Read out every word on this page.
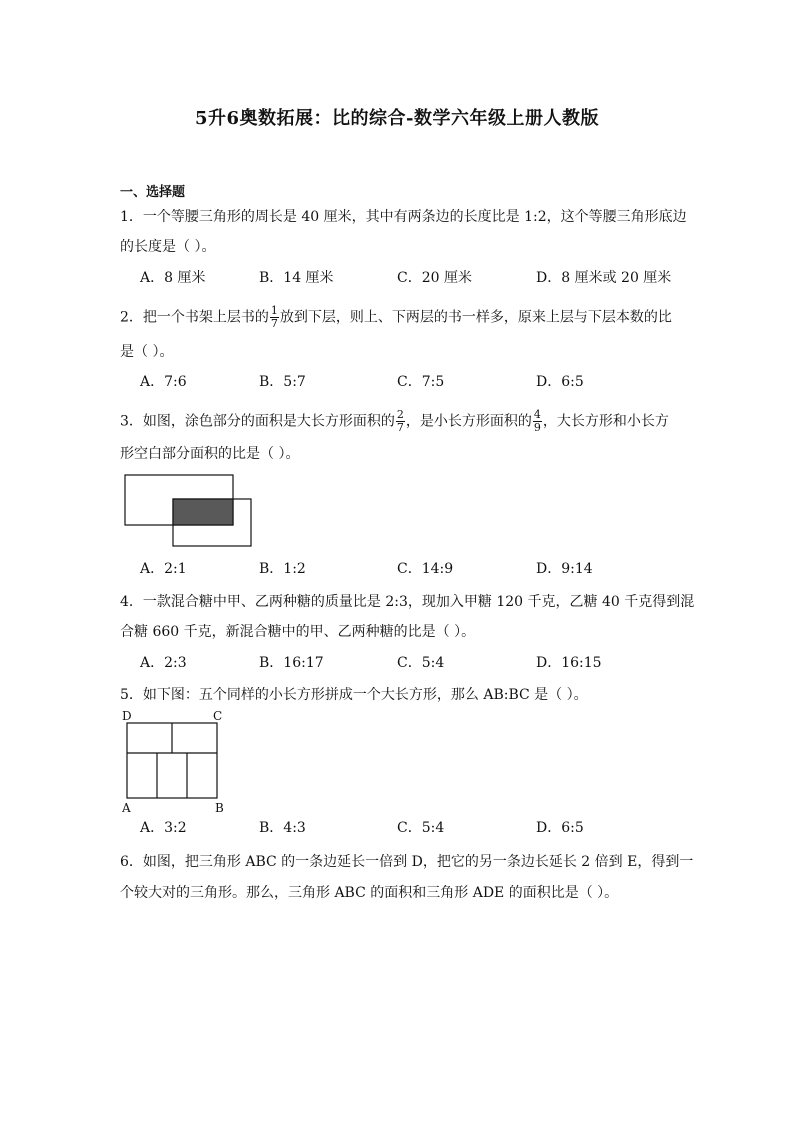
5升6奥数拓展：比的综合-数学六年级上册人教版
一、选择题
1．一个等腰三角形的周长是 40 厘米，其中有两条边的长度比是 1:2，这个等腰三角形底边
的长度是（ ）。
A．8 厘米	B．14 厘米	C．20 厘米	D．8 厘米或 20 厘米
2．把一个书架上层书的 $\frac{1}{7}$ 放到下层，则上、下两层的书一样多，原来上层与下层本数的比
是（ ）。
A．7:6	B．5:7	C．7:5	D．6:5
3．如图，涂色部分的面积是大长方形面积的 $\frac{2}{7}$ ，是小长方形面积的 $\frac{4}{9}$ ，大长方形和小长方
形空白部分面积的比是（ ）。
A．2:1	B．1:2	C．14:9	D．9:14
4．一款混合糖中甲、乙两种糖的质量比是 2:3，现加入甲糖 120 千克，乙糖 40 千克得到混
合糖 660 千克，新混合糖中的甲、乙两种糖的比是（ ）。
A．2:3	B．16:17	C．5:4	D．16:15
5．如下图：五个同样的小长方形拼成一个大长方形，那么 AB:BC 是（ ）。
D	C
A	B
A．3:2	B．4:3	C．5:4	D．6:5
6．如图，把三角形 ABC 的一条边延长一倍到 D，把它的另一条边长延长 2 倍到 E，得到一
个较大对的三角形。那么，三角形 ABC 的面积和三角形 ADE 的面积比是（ ）。
